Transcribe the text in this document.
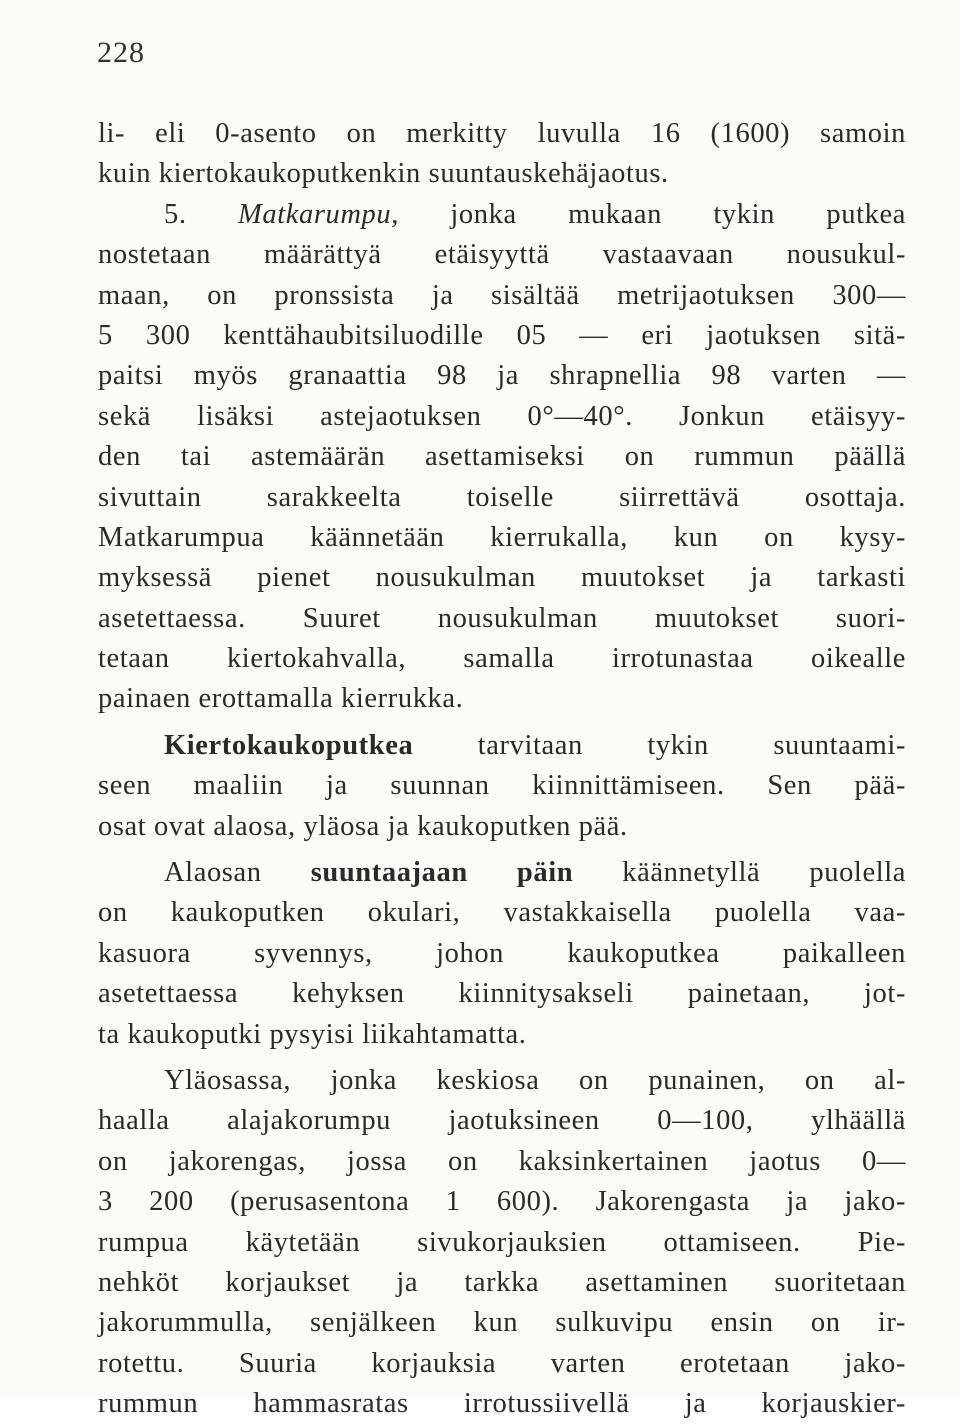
228
li- eli 0-asento on merkitty luvulla 16 (1600) samoin
kuin kiertokaukoputkenkin suuntauskehäjaotus.
5. Matkarumpu, jonka mukaan tykin putkea
nostetaan määrättyä etäisyyttä vastaavaan nousukul-
maan, on pronssista ja sisältää metrijaotuksen 300—
5 300 kenttähaubitsiluodille 05 — eri jaotuksen sitä-
paitsi myös granaattia 98 ja shrapnellia 98 varten —
sekä lisäksi astejaotuksen 0°—40°. Jonkun etäisyy-
den tai astemäärän asettamiseksi on rummun päällä
sivuttain sarakkeelta toiselle siirrettävä osottaja.
Matkarumpua käännetään kierrukalla, kun on kysy-
myksessä pienet nousukulman muutokset ja tarkasti
asetettaessa. Suuret nousukulman muutokset suori-
tetaan kiertokahvalla, samalla irrotunastaa oikealle
painaen erottamalla kierrukka.
Kiertokaukoputkea tarvitaan tykin suuntaami-
seen maaliin ja suunnan kiinnittämiseen. Sen pää-
osat ovat alaosa, yläosa ja kaukoputken pää.
Alaosan suuntaajaan päin käännetyllä puolella
on kaukoputken okulari, vastakkaisella puolella vaa-
kasuora syvennys, johon kaukoputkea paikalleen
asetettaessa kehyksen kiinnitysakseli painetaan, jot-
ta kaukoputki pysyisi liikahtamatta.
Yläosassa, jonka keskiosa on punainen, on al-
haalla alajakorumpu jaotuksineen 0—100, ylhäällä
on jakorengas, jossa on kaksinkertainen jaotus 0—
3 200 (perusasentona 1 600). Jakorengasta ja jako-
rumpua käytetään sivukorjauksien ottamiseen. Pie-
nehköt korjaukset ja tarkka asettaminen suoritetaan
jakorummulla, senjälkeen kun sulkuvipu ensin on ir-
rotettu. Suuria korjauksia varten erotetaan jako-
rummun hammasratas irrotussiivellä ja korjauskier-
